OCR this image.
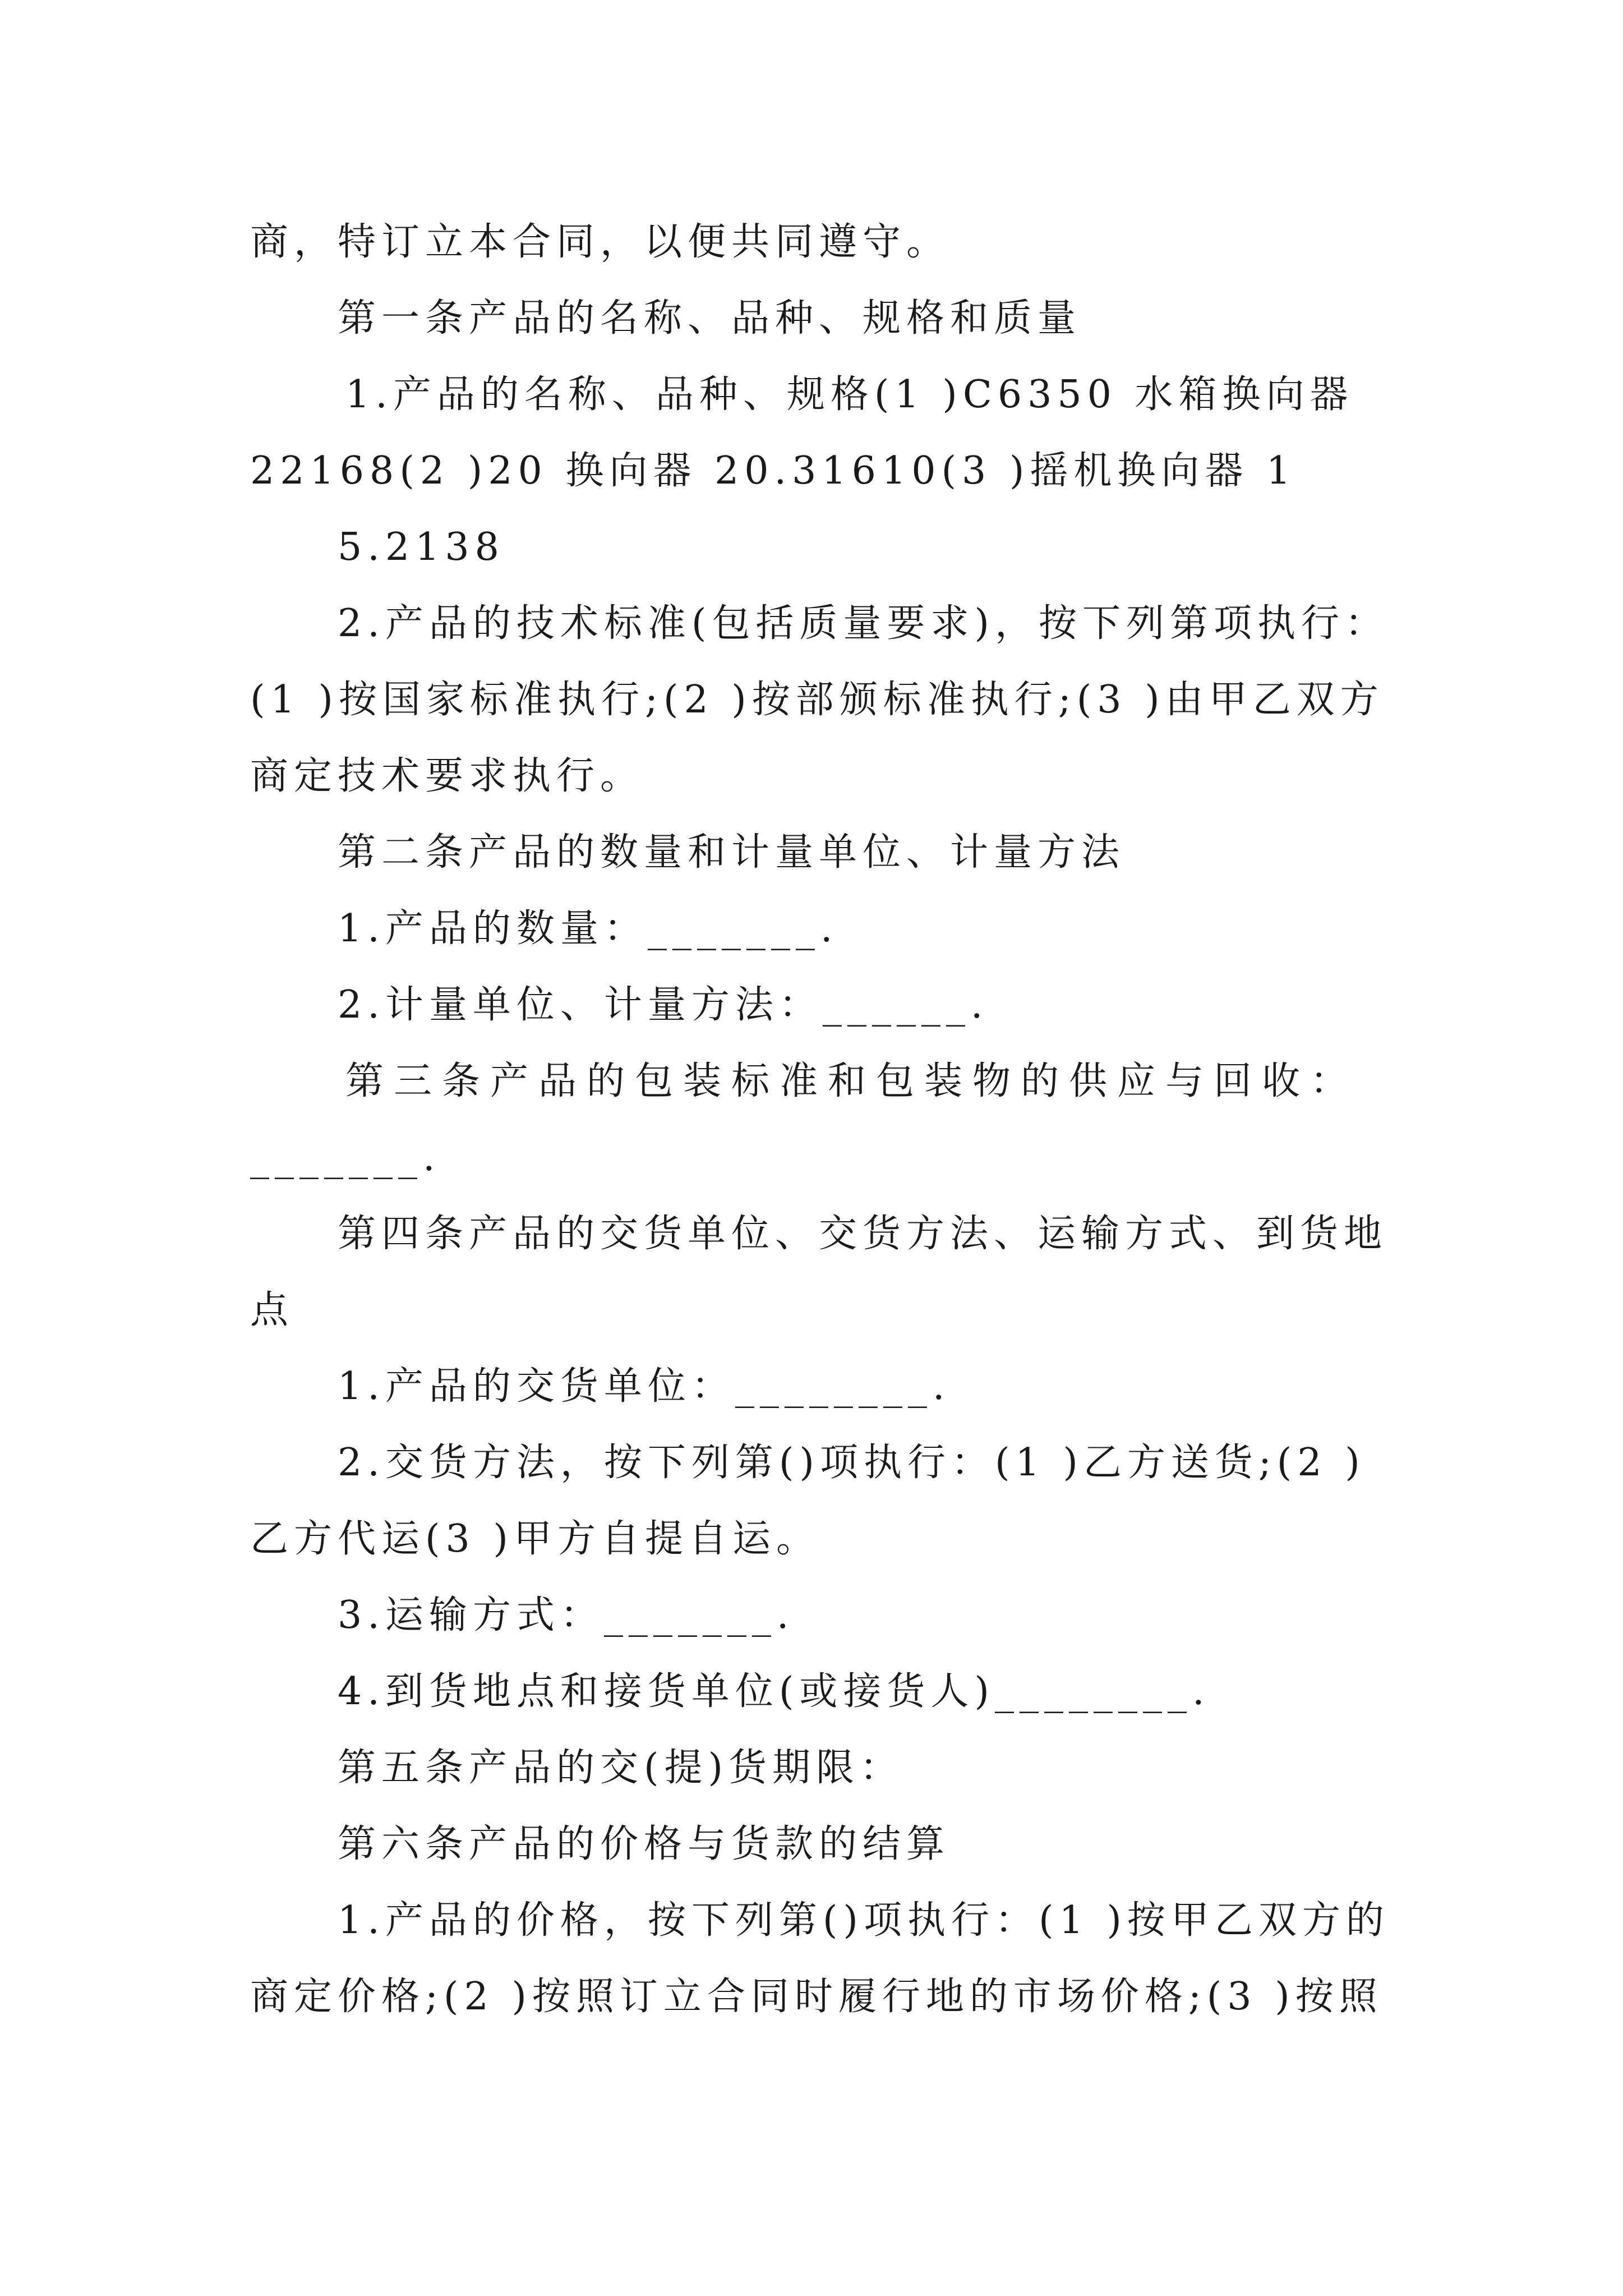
商，特订立本合同，以便共同遵守。
第一条产品的名称、品种、规格和质量
1.产品的名称、品种、规格(1 )C6350 水箱换向器
22168(2 )20 换向器 20.31610(3 )摇机换向器 1
5.2138
2.产品的技术标准(包括质量要求)，按下列第项执行：
(1 )按国家标准执行;(2 )按部颁标准执行;(3 )由甲乙双方
商定技术要求执行。
第二条产品的数量和计量单位、计量方法
1.产品的数量：_______.
2.计量单位、计量方法：______.
第三条产品的包装标准和包装物的供应与回收：
_______.
第四条产品的交货单位、交货方法、运输方式、到货地
点
1.产品的交货单位：________.
2.交货方法，按下列第()项执行：(1 )乙方送货;(2 )
乙方代运(3 )甲方自提自运。
3.运输方式：_______.
4.到货地点和接货单位(或接货人)________.
第五条产品的交(提)货期限：
第六条产品的价格与货款的结算
1.产品的价格，按下列第()项执行：(1 )按甲乙双方的
商定价格;(2 )按照订立合同时履行地的市场价格;(3 )按照
